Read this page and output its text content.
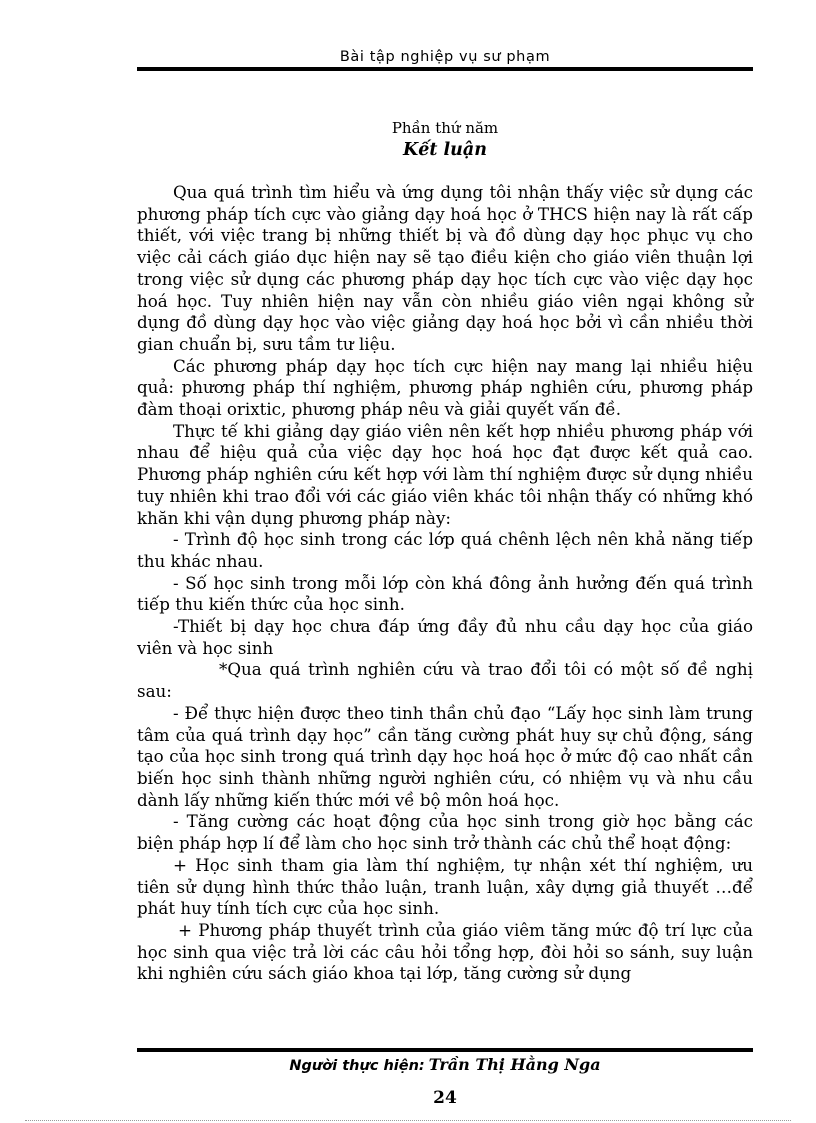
Bài tập nghiệp vụ sư phạm
Phần thứ năm
Kết luận

Qua quá trình tìm hiểu và ứng dụng tôi nhận thấy việc sử dụng các phương pháp tích cực vào giảng dạy hoá học ở THCS hiện nay là rất cấp thiết, với việc trang bị những thiết bị và đồ dùng dạy học phục vụ cho việc cải cách giáo dục hiện nay sẽ tạo điều kiện cho giáo viên thuận lợi trong việc sử dụng các phương pháp dạy học tích cực vào việc dạy học hoá học. Tuy nhiên hiện nay vẫn còn nhiều giáo viên ngại không sử dụng đồ dùng dạy học vào việc giảng dạy hoá học bởi vì cần nhiều thời gian chuẩn bị, sưu tầm tư liệu.

Các phương pháp dạy học tích cực hiện nay mang lại nhiều hiệu quả: phương pháp thí nghiệm, phương pháp nghiên cứu, phương pháp đàm thoại orixtic, phương pháp nêu và giải quyết vấn đề.

Thực tế khi giảng dạy giáo viên nên kết hợp nhiều phương pháp với nhau để hiệu quả của việc dạy học hoá học đạt được kết quả cao. Phương pháp nghiên cứu kết hợp với làm thí nghiệm được sử dụng nhiều tuy nhiên khi trao đổi với các giáo viên khác tôi nhận thấy có những khó khăn khi vận dụng phương pháp này:

- Trình độ học sinh trong các lớp quá chênh lệch nên khả năng tiếp thu khác nhau.

- Số học sinh trong mỗi lớp còn khá đông ảnh hưởng đến quá trình tiếp thu kiến thức của học sinh.

-Thiết bị dạy học chưa đáp ứng đầy đủ nhu cầu dạy học của giáo viên và học sinh

*Qua quá trình nghiên cứu và trao đổi tôi có một số đề nghị sau:

- Để thực hiện được theo tinh thần chủ đạo “Lấy học sinh làm trung tâm của quá trình dạy học” cần tăng cường phát huy sự chủ động, sáng tạo của học sinh trong quá trình dạy học hoá học ở mức độ cao nhất cần biến học sinh thành những người nghiên cứu, có nhiệm vụ và nhu cầu dành lấy những kiến thức mới về bộ môn hoá học.

- Tăng cường các hoạt động của học sinh trong giờ học bằng các biện pháp hợp lí để làm cho học sinh trở thành các chủ thể hoạt động:

+ Học sinh tham gia làm thí nghiệm, tự nhận xét thí nghiệm, ưu tiên sử dụng hình thức thảo luận, tranh luận, xây dựng giả thuyết …để phát huy tính tích cực của học sinh.

+ Phương pháp thuyết trình của giáo viêm tăng mức độ trí lực của học sinh qua việc trả lời các câu hỏi tổng hợp, đòi hỏi so sánh, suy luận khi nghiên cứu sách giáo khoa tại lớp, tăng cường sử dụng

Người thực hiện: Trần Thị Hằng Nga
24
